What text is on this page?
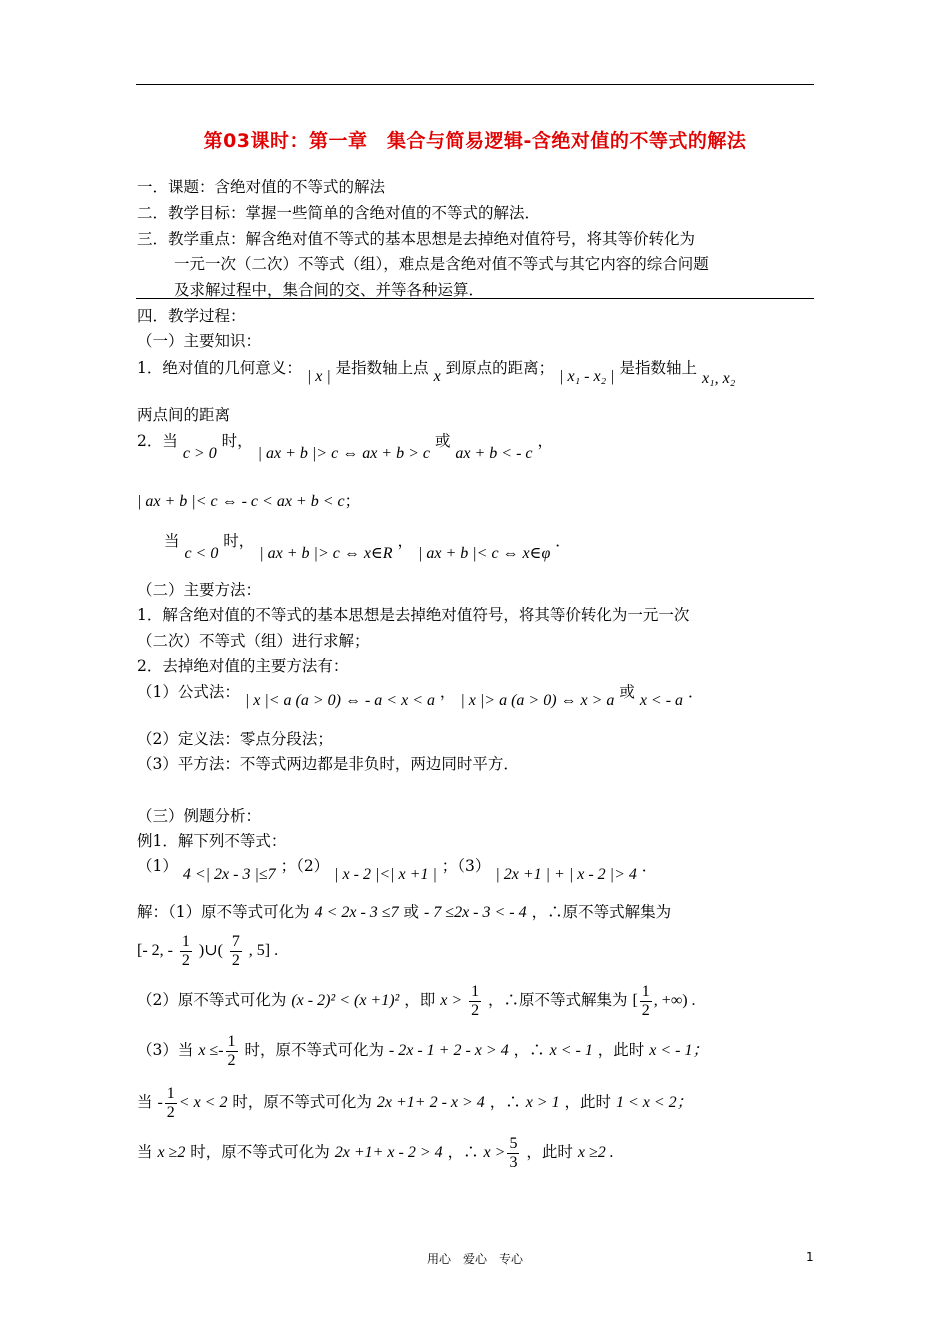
第03课时：第一章　集合与简易逻辑-含绝对值的不等式的解法
一．课题：含绝对值的不等式的解法
二．教学目标：掌握一些简单的含绝对值的不等式的解法．
三．教学重点：解含绝对值不等式的基本思想是去掉绝对值符号，将其等价转化为
一元一次（二次）不等式（组），难点是含绝对值不等式与其它内容的综合问题
及求解过程中，集合间的交、并等各种运算．
四．教学过程：
（一）主要知识：
1．绝对值的几何意义： | x | 是指数轴上点 x 到原点的距离； | x₁ - x₂ | 是指数轴上 x₁, x₂
两点间的距离
2．当 c > 0 时， | ax + b |> c ⇔ ax + b > c 或 ax + b < - c ，
| ax + b |< c ⇔ - c < ax + b < c；
当 c < 0 时， | ax + b |> c ⇔ x∈R ， | ax + b |< c ⇔ x∈φ ．
（二）主要方法：
1．解含绝对值的不等式的基本思想是去掉绝对值符号，将其等价转化为一元一次
（二次）不等式（组）进行求解；
2．去掉绝对值的主要方法有：
（1）公式法： | x |< a (a > 0) ⇔ - a < x < a ， | x |> a (a > 0) ⇔ x > a 或 x < - a ．
（2）定义法：零点分段法；
（3）平方法：不等式两边都是非负时，两边同时平方．
（三）例题分析：
例1．解下列不等式：
（1） 4 <| 2x - 3 |≤7 ；（2） | x - 2 |<| x +1 | ；（3） | 2x +1 | + | x - 2 |> 4 ．
解：（1）原不等式可化为 4 < 2x - 3 ≤7 或 - 7 ≤2x - 3 < - 4 ，∴原不等式解集为
[- 2, - $\frac{1}{2}$ )∪( $\frac{7}{2}$ , 5] .
（2）原不等式可化为 (x - 2)² < (x +1)² ，即 $x > \frac{1}{2}$ ，∴原不等式解集为 [ $\frac{1}{2}$ , +∞) .
（3）当 $x \le- \frac{1}{2}$ 时，原不等式可化为 - 2x - 1 + 2 - x > 4 ，∴ x < - 1 ，此时 x < - 1；
当 - $\frac{1}{2} < x < 2$ 时，原不等式可化为 2x +1+ 2 - x > 4 ，∴ x > 1 ，此时 1 < x < 2；
当 x ≥2 时，原不等式可化为 2x +1+ x - 2 > 4 ，∴ $x > \frac{5}{3}$ ，此时 x ≥2 .
用心　爱心　专心	1
